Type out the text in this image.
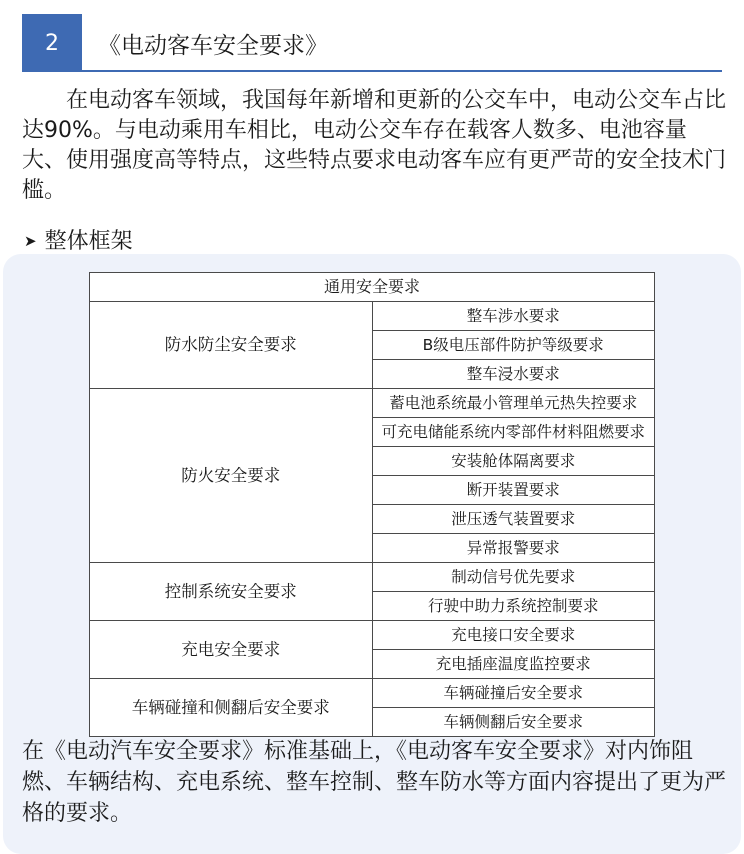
2	《电动客车安全要求》

在电动客车领域，我国每年新增和更新的公交车中，电动公交车占比达90%。与电动乘用车相比，电动公交车存在载客人数多、电池容量大、使用强度高等特点，这些特点要求电动客车应有更严苛的安全技术门槛。

➤ 整体框架
通用安全要求	
防水防尘安全要求	整车涉水要求
	B级电压部件防护等级要求
	整车浸水要求
防火安全要求	蓄电池系统最小管理单元热失控要求
	可充电储能系统内零部件材料阻燃要求
	安装舱体隔离要求
	断开装置要求
	泄压透气装置要求
	异常报警要求
控制系统安全要求	制动信号优先要求
	行驶中助力系统控制要求
充电安全要求	充电接口安全要求
	充电插座温度监控要求
车辆碰撞和侧翻后安全要求	车辆碰撞后安全要求
	车辆侧翻后安全要求

在《电动汽车安全要求》标准基础上，《电动客车安全要求》对内饰阻燃、车辆结构、充电系统、整车控制、整车防水等方面内容提出了更为严格的要求。
